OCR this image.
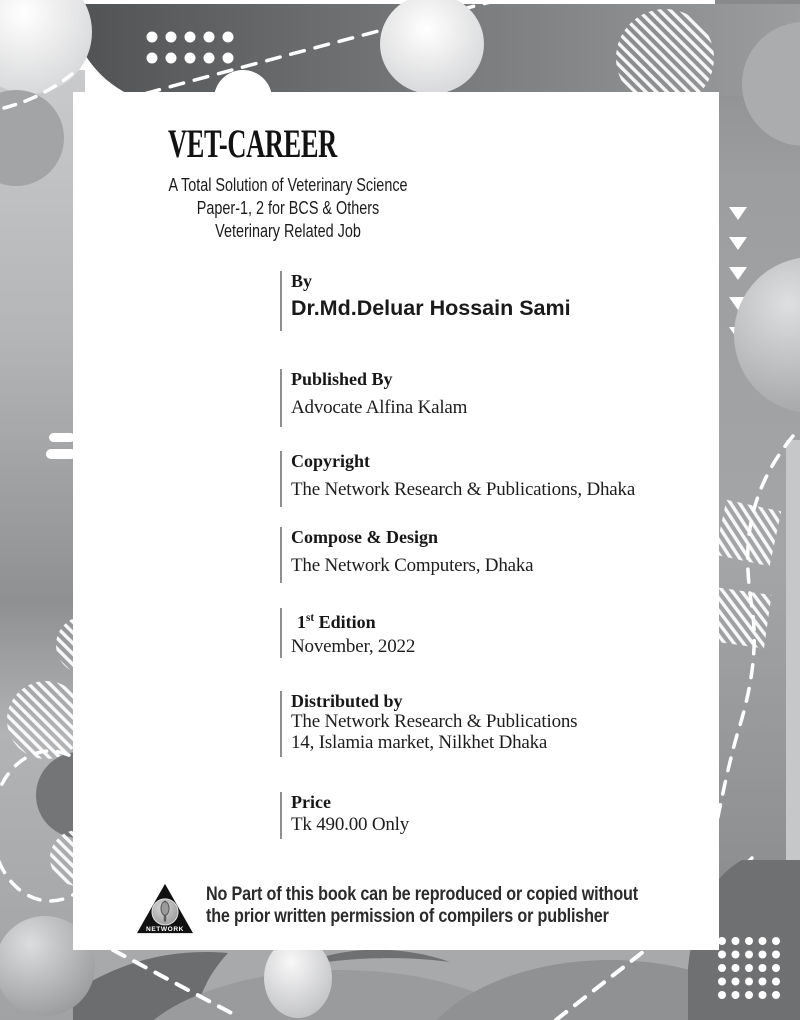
VET-CAREER
A Total Solution of Veterinary Science
Paper-1, 2 for BCS & Others
Veterinary Related Job
By
Dr.Md.Deluar Hossain Sami
Published By
Advocate Alfina Kalam
Copyright
The Network Research & Publications, Dhaka
Compose & Design
The Network Computers, Dhaka
1st Edition
November, 2022
Distributed by
The Network Research & Publications
14, Islamia market, Nilkhet Dhaka
Price
Tk 490.00 Only
NETWORK
No Part of this book can be reproduced or copied without
the prior written permission of compilers or publisher
